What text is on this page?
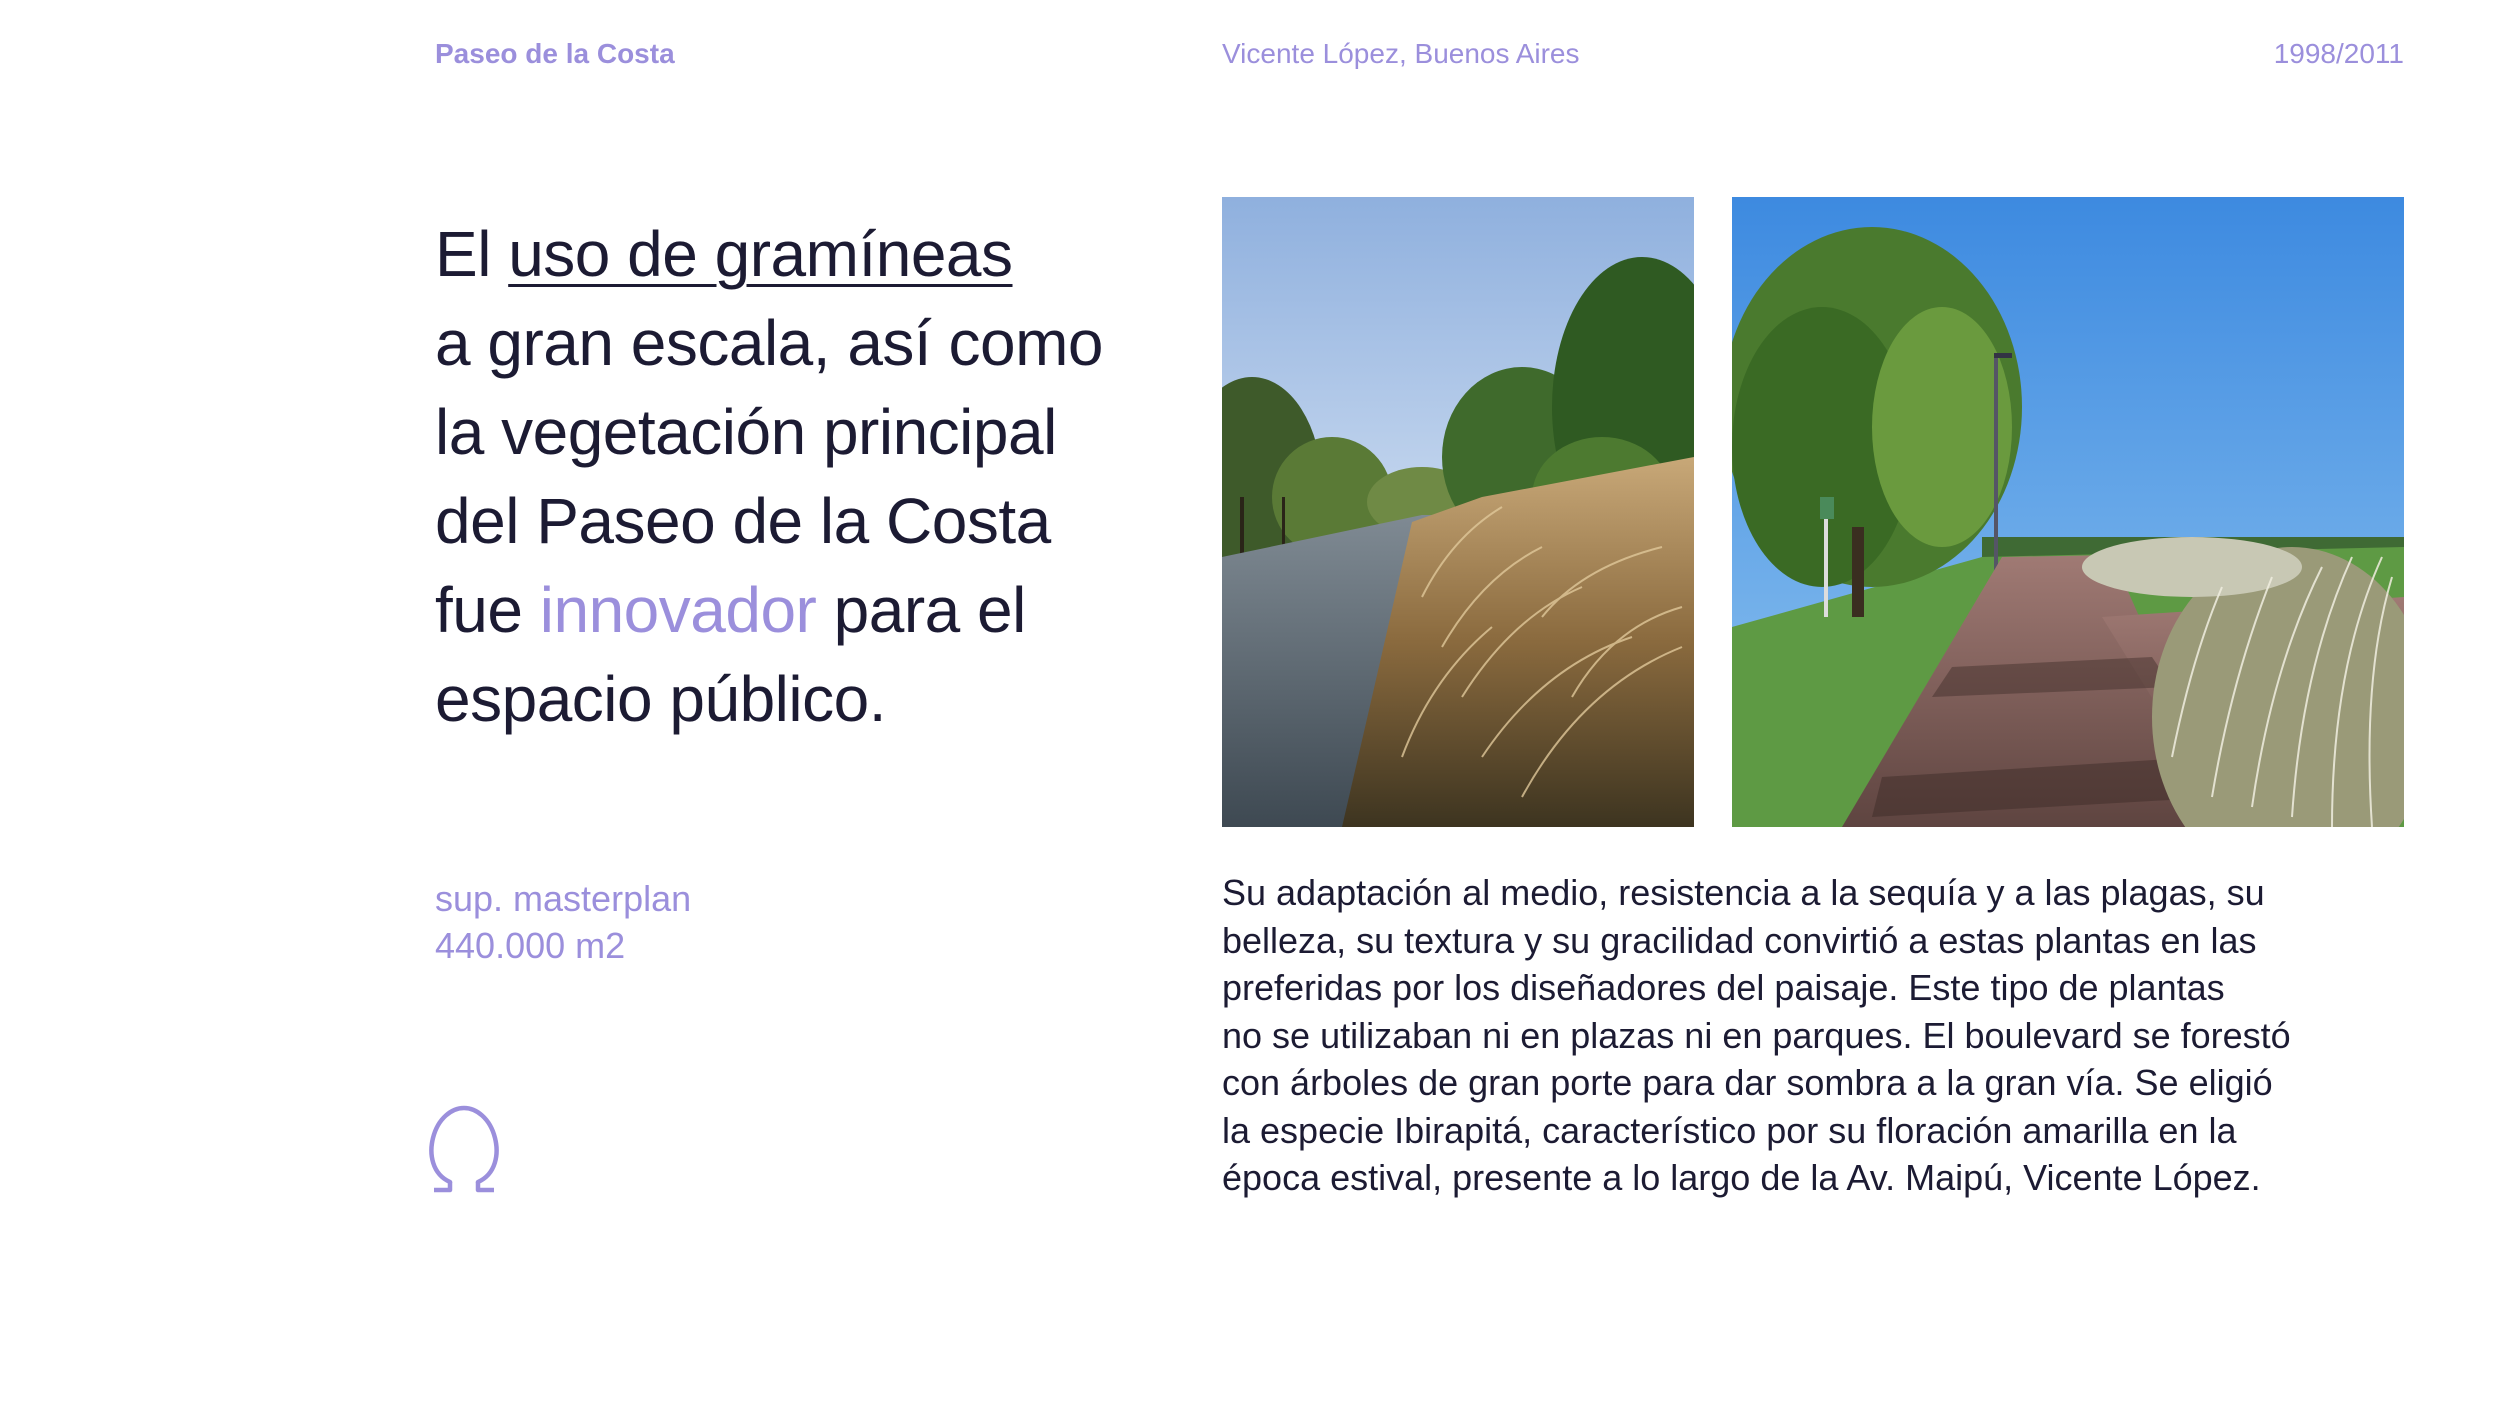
Paseo de la Costa	Vicente López, Buenos Aires	1998/2011
El uso de gramíneas
a gran escala, así como
la vegetación principal
del Paseo de la Costa
fue innovador para el
espacio público.
sup. masterplan
440.000 m2
Su adaptación al medio, resistencia a la sequía y a las plagas, su
belleza, su textura y su gracilidad convirtió a estas plantas en las
preferidas por los diseñadores del paisaje. Este tipo de plantas
no se utilizaban ni en plazas ni en parques. El boulevard se forestó
con árboles de gran porte para dar sombra a la gran vía. Se eligió
la especie Ibirapitá, característico por su floración amarilla en la
época estival, presente a lo largo de la Av. Maipú, Vicente López.
